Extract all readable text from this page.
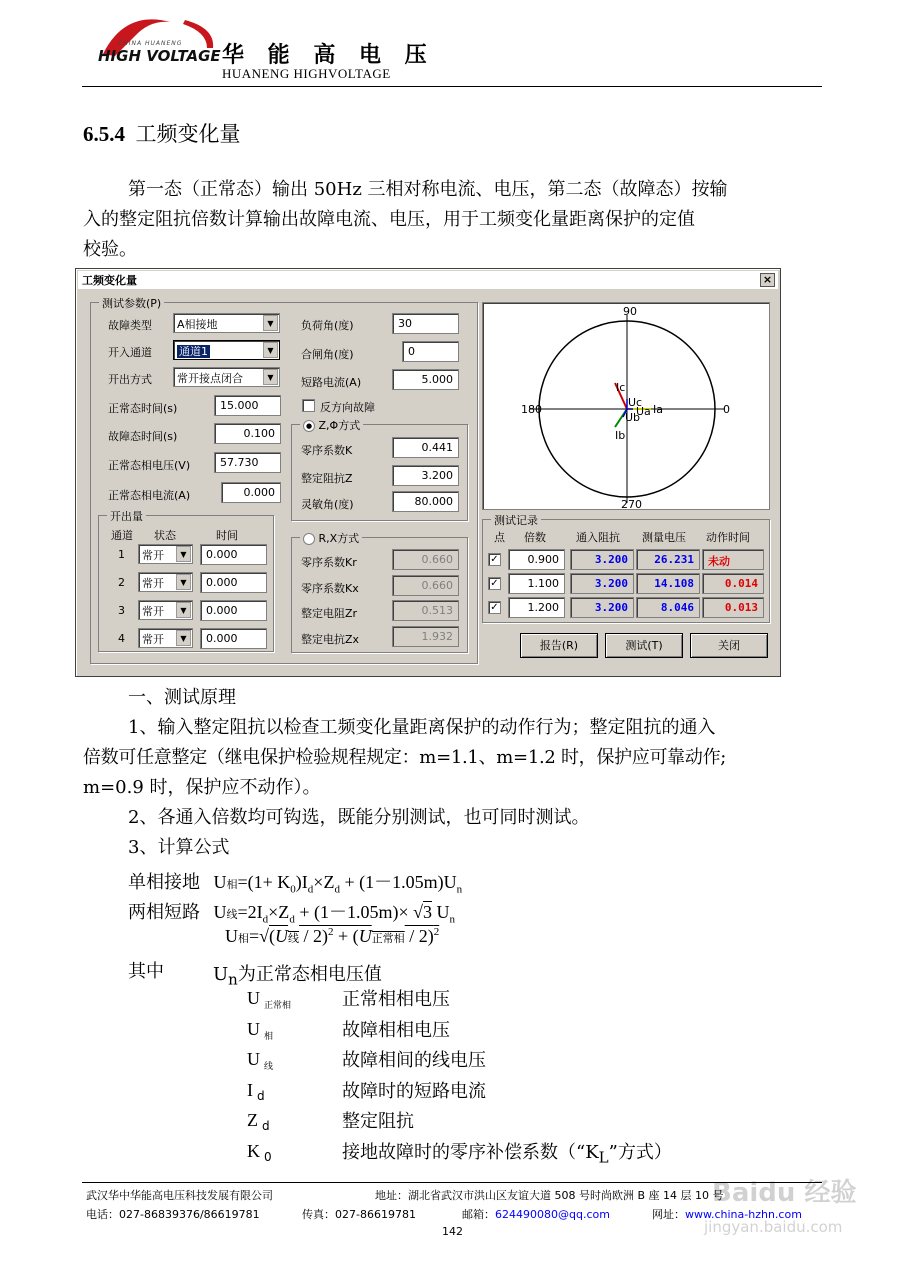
CHINA HUANENG
HIGH VOLTAGE 华 能 高 电 压
HUANENG HIGHVOLTAGE
6.5.4 工频变化量
第一态（正常态）输出 50Hz 三相对称电流、电压，第二态（故障态）按输
入的整定阻抗倍数计算输出故障电流、电压，用于工频变化量距离保护的定值
校验。
工频变化量	×
测试参数(P)
故障类型	A相接地	▼
开入通道	通道1	▼
开出方式	常开接点闭合	▼
正常态时间(s)	15.000
故障态时间(s)	0.100
正常态相电压(V)	57.730
正常态相电流(A)	0.000
开出量
通道 状态	时间
1	常开	▼	0.000
2	常开	▼	0.000
3	常开	▼	0.000
4	常开	▼	0.000
负荷角(度)	30
合闸角(度)	0
短路电流(A)	5.000
反方向故障
● Z,Φ方式
零序系数K	0.441
整定阻抗Z	3.200
灵敏角(度)	80.000
R,X方式
零序系数Kr	0.660
零序系数Kx	0.660
整定电阻Zr	0.513
整定电抗Zx	1.932
90
270
180	0
Ic
Uc
Ua Ia
Ub
Ib
测试记录
点 倍数	通入阻抗 测量电压 动作时间
✓	0.900	3.200	26.231	未动
✓	1.100	3.200	14.108	0.014
✓	1.200	3.200	8.046	0.013
报告(R)	测试(T)	关闭
一、测试原理
1、输入整定阻抗以检查工频变化量距离保护的动作行为；整定阻抗的通入
倍数可任意整定（继电保护检验规程规定：m=1.1、m=1.2 时，保护应可靠动作;
m=0.9 时，保护应不动作）。
2、各通入倍数均可钩选，既能分别测试，也可同时测试。
3、计算公式
单相接地   U相$=(1+ K_0)I_d\times Z_d + (1-1.05m)U_n$
两相短路   U线$=2I_d\times Z_d + (1-1.05m)\times √3$ $U_n$
U相=√(U线 / 2)$^2$ + (U正常相 / 2)$^2$
其中	$U_n$为正常态相电压值
U $_{正常相}$	正常相相电压
U $_相$	故障相相电压
U $_线$	故障相间的线电压
I $_d$	故障时的短路电流
Z $_d$	整定阻抗
K $_0$	接地故障时的零序补偿系数（“$K_L$”方式）
武汉华中华能高电压科技发展有限公司	地址：湖北省武汉市洪山区友谊大道 508 号时尚欧洲 B 座 14 层 10 号
电话：027-86839376/86619781	传真：027-86619781	邮箱：624490080@qq.com	网址：www.china-hzhn.com
142
Baidu 经验
jingyan.baidu.com
